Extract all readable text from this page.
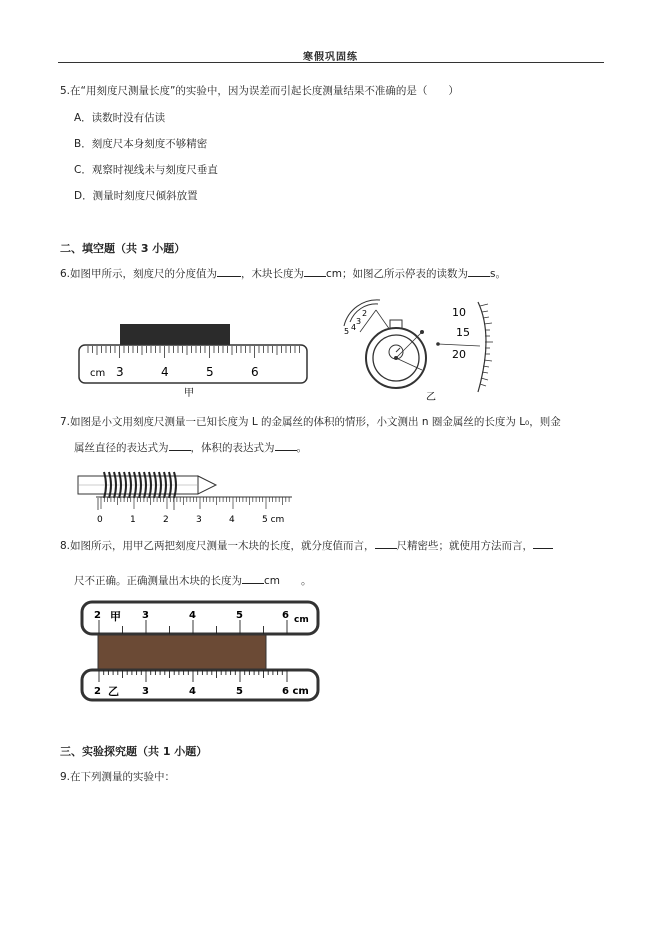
寒假巩固练
5.在“用刻度尺测量长度”的实验中，因为误差而引起长度测量结果不准确的是（　　）
A．读数时没有估读
B．刻度尺本身刻度不够精密
C．观察时视线未与刻度尺垂直
D．测量时刻度尺倾斜放置
二、填空题（共 3 小题）
6.如图甲所示，刻度尺的分度值为 ，木块长度为 cm；如图乙所示停表的读数为 s。
cm 3	4	5	6
甲
2
3
4
5
10
15
20
乙
7.如图是小文用刻度尺测量一已知长度为 L 的金属丝的体积的情形，小文测出 n 圈金属丝的长度为 L₀，则金
属丝直径的表达式为 ，体积的表达式为 。
0	1	2	3	4	5 cm
8.如图所示，用甲乙两把刻度尺测量一木块的长度，就分度值而言， 尺精密些；就使用方法而言，
尺不正确。正确测量出木块的长度为 cm　　。
2 甲 3	4	5	6 cm
2 乙 3	4	5	6 cm
三、实验探究题（共 1 小题）
9.在下列测量的实验中：
